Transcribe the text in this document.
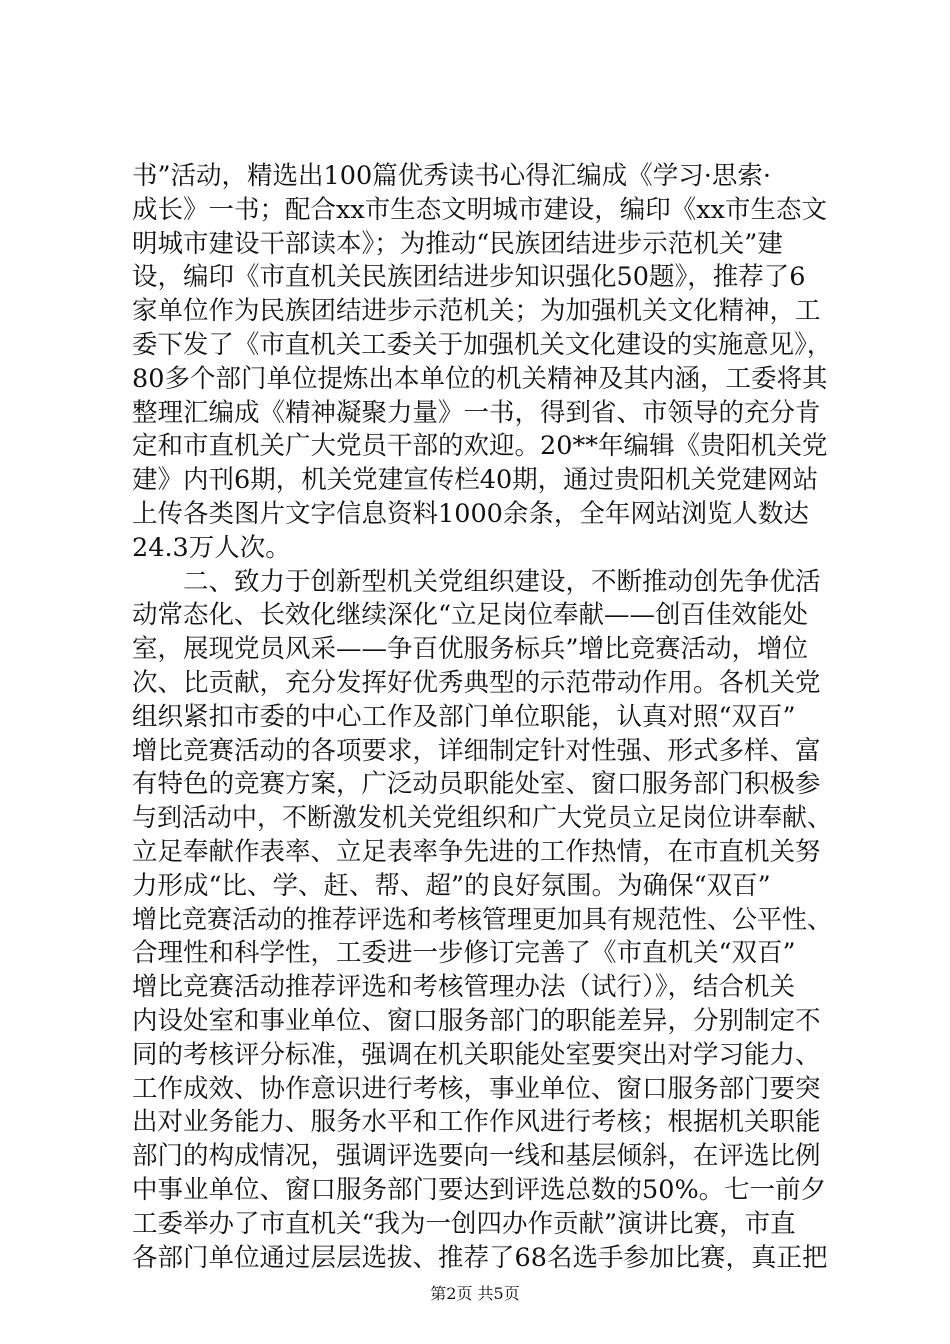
书”活动，精选出100篇优秀读书心得汇编成《学习·思索·
成长》一书；配合xx市生态文明城市建设，编印《xx市生态文
明城市建设干部读本》；为推动“民族团结进步示范机关”建
设，编印《市直机关民族团结进步知识强化50题》，推荐了6
家单位作为民族团结进步示范机关；为加强机关文化精神，工
委下发了《市直机关工委关于加强机关文化建设的实施意见》，
80多个部门单位提炼出本单位的机关精神及其内涵，工委将其
整理汇编成《精神凝聚力量》一书，得到省、市领导的充分肯
定和市直机关广大党员干部的欢迎。20**年编辑《贵阳机关党
建》内刊6期，机关党建宣传栏40期，通过贵阳机关党建网站
上传各类图片文字信息资料1000余条，全年网站浏览人数达
24.3万人次。
　　二、致力于创新型机关党组织建设，不断推动创先争优活
动常态化、长效化继续深化“立足岗位奉献——创百佳效能处
室，展现党员风采——争百优服务标兵”增比竞赛活动，增位
次、比贡献，充分发挥好优秀典型的示范带动作用。各机关党
组织紧扣市委的中心工作及部门单位职能，认真对照“双百”
增比竞赛活动的各项要求，详细制定针对性强、形式多样、富
有特色的竞赛方案，广泛动员职能处室、窗口服务部门积极参
与到活动中，不断激发机关党组织和广大党员立足岗位讲奉献、
立足奉献作表率、立足表率争先进的工作热情，在市直机关努
力形成“比、学、赶、帮、超”的良好氛围。为确保“双百”
增比竞赛活动的推荐评选和考核管理更加具有规范性、公平性、
合理性和科学性，工委进一步修订完善了《市直机关“双百”
增比竞赛活动推荐评选和考核管理办法（试行）》，结合机关
内设处室和事业单位、窗口服务部门的职能差异，分别制定不
同的考核评分标准，强调在机关职能处室要突出对学习能力、
工作成效、协作意识进行考核，事业单位、窗口服务部门要突
出对业务能力、服务水平和工作作风进行考核；根据机关职能
部门的构成情况，强调评选要向一线和基层倾斜，在评选比例
中事业单位、窗口服务部门要达到评选总数的50%。七一前夕
工委举办了市直机关“我为一创四办作贡献”演讲比赛，市直
各部门单位通过层层选拔、推荐了68名选手参加比赛，真正把
第2页 共5页
